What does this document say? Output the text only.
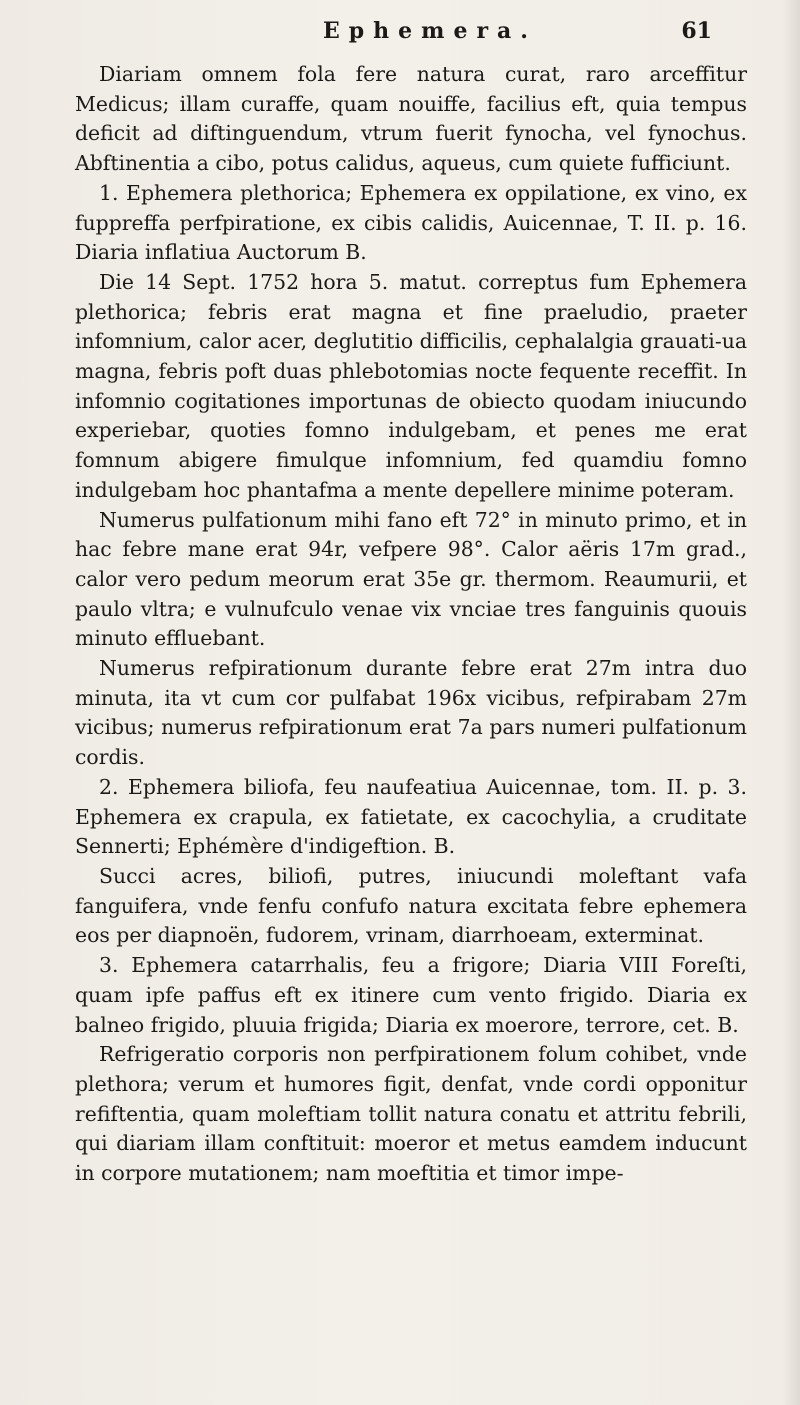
Ephemera.	61

Diariam omnem fola fere natura curat, raro arceffitur Medicus; illam curaffe, quam nouiffe, facilius eft, quia tempus deficit ad diftinguendum, vtrum fuerit fynocha, vel fynochus. Abftinentia a cibo, potus calidus, aqueus, cum quiete fufficiunt.

1. Ephemera plethorica; Ephemera ex oppilatione, ex vino, ex fuppreffa perfpiratione, ex cibis calidis, Auicennae, T. II. p. 16. Diaria inflatiua Auctorum B.

Die 14 Sept. 1752 hora 5. matut. correptus fum Ephemera plethorica; febris erat magna et fine praeludio, praeter infomnium, calor acer, deglutitio difficilis, cephalalgia grauati-ua magna, febris poft duas phlebotomias nocte fequente receffit. In infomnio cogitationes importunas de obiecto quodam iniucundo experiebar, quoties fomno indulgebam, et penes me erat fomnum abigere fimulque infomnium, fed quamdiu fomno indulgebam hoc phantafma a mente depellere minime poteram.

Numerus pulfationum mihi fano eft 72° in minuto primo, et in hac febre mane erat 94r, vefpere 98°. Calor aëris 17m grad., calor vero pedum meorum erat 35e gr. thermom. Reaumurii, et paulo vltra; e vulnufculo venae vix vnciae tres fanguinis quouis minuto effluebant.

Numerus refpirationum durante febre erat 27m intra duo minuta, ita vt cum cor pulfabat 196x vicibus, refpirabam 27m vicibus; numerus refpirationum erat 7a pars numeri pulfationum cordis.

2. Ephemera biliofa, feu naufeatiua Auicennae, tom. II. p. 3. Ephemera ex crapula, ex fatietate, ex cacochylia, a cruditate Sennerti; Ephémère d'indigeftion. B.

Succi acres, biliofi, putres, iniucundi moleftant vafa fanguifera, vnde fenfu confufo natura excitata febre ephemera eos per diapnoën, fudorem, vrinam, diarrhoeam, exterminat.

3. Ephemera catarrhalis, feu a frigore; Diaria VIII Foreſti, quam ipfe paffus eft ex itinere cum vento frigido. Diaria ex balneo frigido, pluuia frigida; Diaria ex moerore, terrore, cet. B.

Refrigeratio corporis non perfpirationem folum cohibet, vnde plethora; verum et humores figit, denfat, vnde cordi opponitur refiftentia, quam moleftiam tollit natura conatu et attritu febrili, qui diariam illam conftituit: moeror et metus eamdem inducunt in corpore mutationem; nam moeftitia et timor impe-
